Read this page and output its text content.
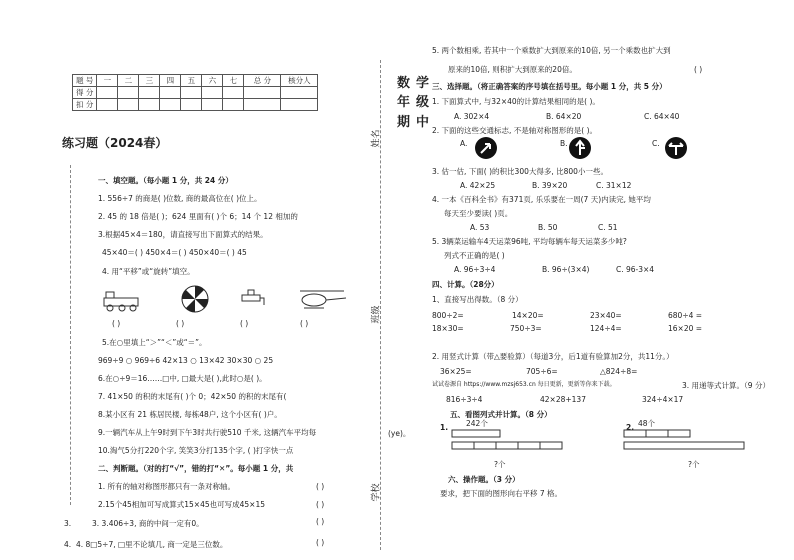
题 号	一	二	三	四	五	六	七	总 分	核分人
得 分									
扣 分									
练习题（2024春）
数 学
年 级
期 中
姓名
班级
学校
(ye)。
一、填空题。（每小题 1 分，共 24 分）
1. 556÷7 的商是( )位数, 商的最高位在( )位上。
2. 45 的 18 倍是( )；624 里面有( )个 6；14 个 12 相加的
3.根据45×4＝180，请直接写出下面算式的结果。
45×40＝( ) 450×4＝( ) 450×40＝( ) 45
4. 用“平移”或“旋转”填空。
( )	( )	( )	( )
5.在○里填上“＞”“＜”或“＝”。
969÷9 ○ 969÷6 42×13 ○ 13×42 30×30 ○ 25
6.在○÷9＝16……□中, □最大是( ),此时○是( )。
7. 41×50 的积的末尾有( )个 0；42×50 的积的末尾有(
8.某小区有 21 栋居民楼, 每栋48户, 这个小区有( )户。
9.一辆汽车从上午9时到下午3时共行驶510 千米, 这辆汽车平均每
10.淘气5分打220个字, 笑笑3分打135个字, ( )打字快一点
二、判断题。（对的打“√”，错的打“✕”。每小题 1 分，共
1. 所有的轴对称图形都只有一条对称轴。	( )
2.15个45相加可写成算式15×45也可写成45×15	( )
3.	3. 3.406÷3, 商的中间一定有0。	( )
4. 4. 8□5÷7, □里不论填几, 商一定是三位数。	( )
5. 两个数相乘, 若其中一个乘数扩大到原来的10倍, 另一个乘数也扩大到
原来的10倍, 则积扩大到原来的20倍。	( )
三、选择题。（将正确答案的序号填在括号里。每小题 1 分，共 5 分）
1. 下面算式中, 与32×40的计算结果相同的是( )。
A. 302×4	B. 64×20	C. 64×40
2. 下面的这些交通标志, 不是轴对称图形的是( )。
A.	B.	C.
3. 估一估, 下面( )的积比300大得多, 比800小一些。
A. 42×25	B. 39×20	C. 31×12
4. 一本《百科全书》有371页, 乐乐要在一周(7 天)内读完, 她平均
每天至少要读( )页。
A. 53	B. 50	C. 51
5. 3辆菜运输车4天运菜96吨, 平均每辆车每天运菜多少吨?
列式不正确的是( )
A. 96÷3÷4	B. 96÷(3×4)	C. 96-3×4
四、计算。（28分）
1、直接写出得数。（8 分）
800÷2=	14×20=	23×40=	680÷4 =
18×30=	750÷3=	124÷4=	16×20 =
2. 用竖式计算（带△要验算）（每道3分，后1道有验算加2分，共11分。）
36×25=	705÷6=	△824÷8=
试试卷源自 https://www.mzsj653.cn 每日更新，更新等你来下载。	3. 用递等式计算。（9 分）
816÷3÷4	42×28+137	324÷4×17
五、看图列式并计算。（8 分）
1. 242个
?个
2. 48个
?个
六、操作题。（3 分）
要求，把下面的图形向右平移 7 格。
